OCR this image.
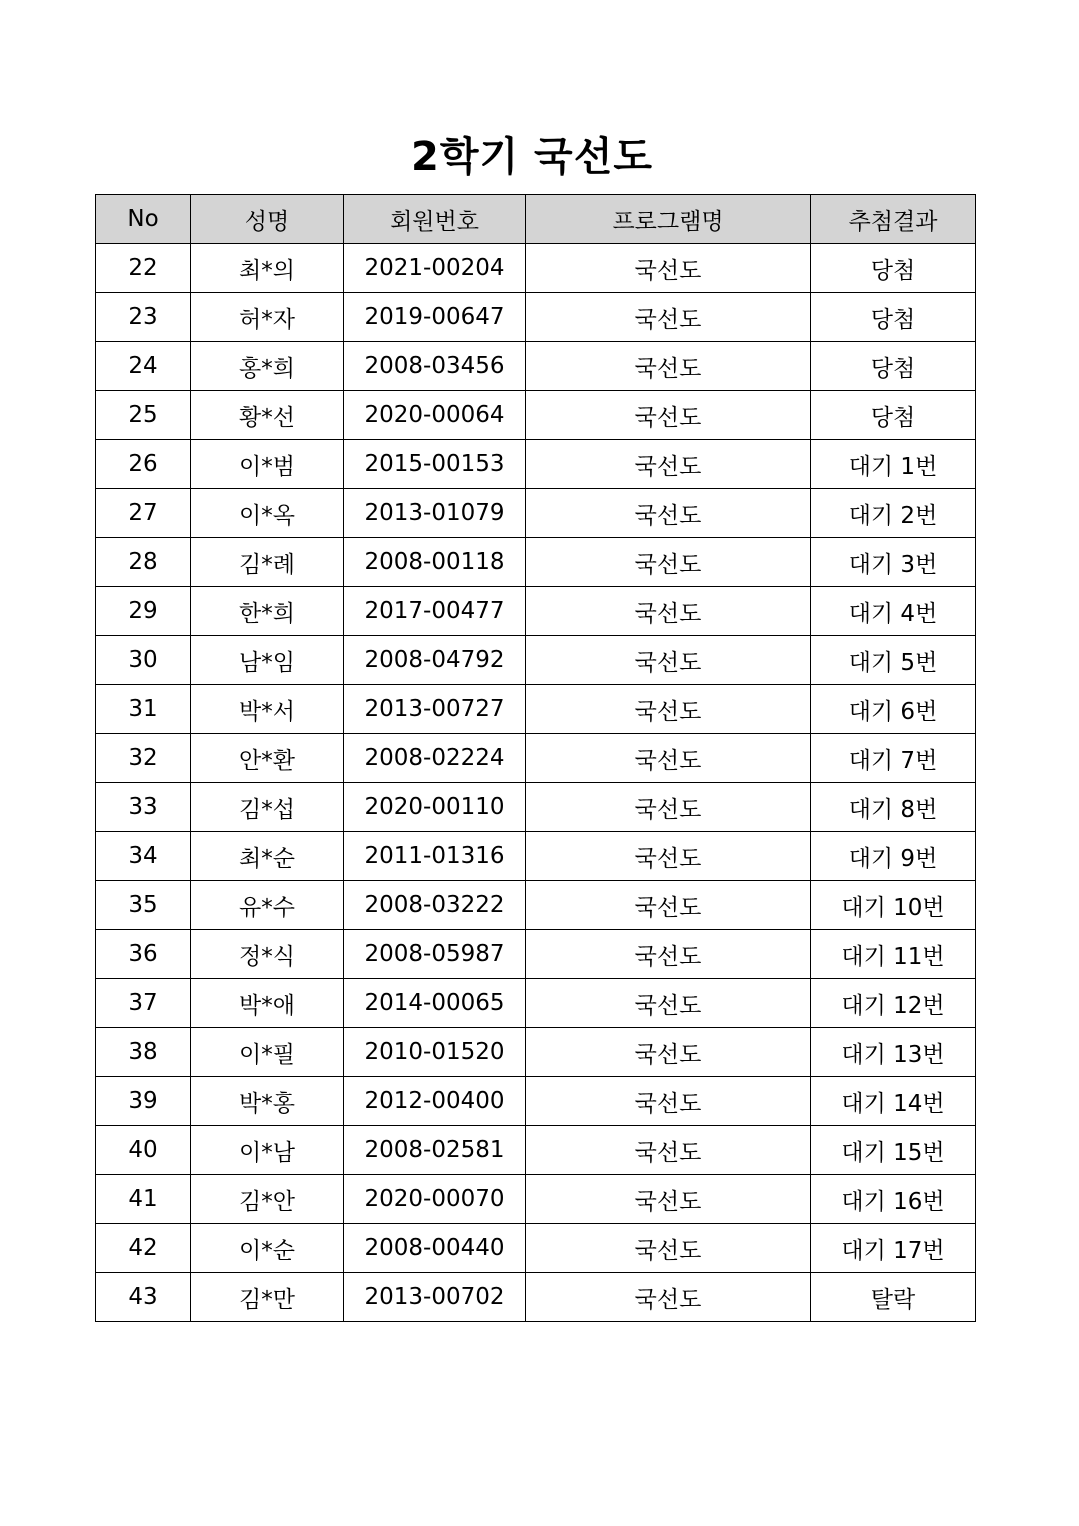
2학기 국선도
No	성명	회원번호	프로그램명	추첨결과
22	최*의	2021-00204	국선도	당첨
23	허*자	2019-00647	국선도	당첨
24	홍*희	2008-03456	국선도	당첨
25	황*선	2020-00064	국선도	당첨
26	이*범	2015-00153	국선도	대기 1번
27	이*옥	2013-01079	국선도	대기 2번
28	김*례	2008-00118	국선도	대기 3번
29	한*희	2017-00477	국선도	대기 4번
30	남*임	2008-04792	국선도	대기 5번
31	박*서	2013-00727	국선도	대기 6번
32	안*환	2008-02224	국선도	대기 7번
33	김*섭	2020-00110	국선도	대기 8번
34	최*순	2011-01316	국선도	대기 9번
35	유*수	2008-03222	국선도	대기 10번
36	정*식	2008-05987	국선도	대기 11번
37	박*애	2014-00065	국선도	대기 12번
38	이*필	2010-01520	국선도	대기 13번
39	박*홍	2012-00400	국선도	대기 14번
40	이*남	2008-02581	국선도	대기 15번
41	김*안	2020-00070	국선도	대기 16번
42	이*순	2008-00440	국선도	대기 17번
43	김*만	2013-00702	국선도	탈락
